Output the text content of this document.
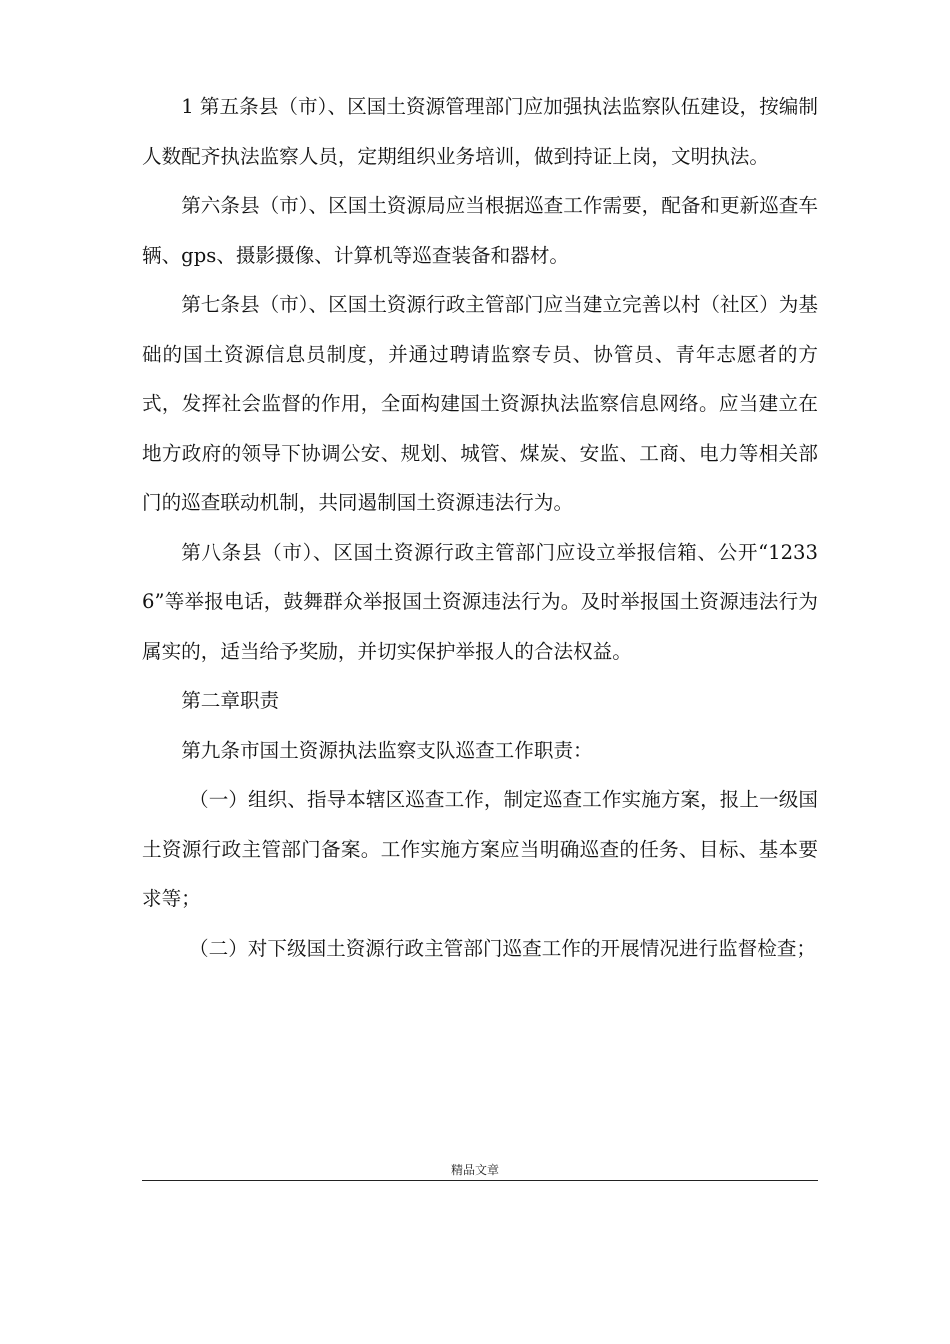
1 第五条县（市）、区国土资源管理部门应加强执法监察队伍建设，按编制人数配齐执法监察人员，定期组织业务培训，做到持证上岗，文明执法。

第六条县（市）、区国土资源局应当根据巡查工作需要，配备和更新巡查车辆、gps、摄影摄像、计算机等巡查装备和器材。

第七条县（市）、区国土资源行政主管部门应当建立完善以村（社区）为基础的国土资源信息员制度，并通过聘请监察专员、协管员、青年志愿者的方式，发挥社会监督的作用，全面构建国土资源执法监察信息网络。应当建立在地方政府的领导下协调公安、规划、城管、煤炭、安监、工商、电力等相关部门的巡查联动机制，共同遏制国土资源违法行为。

第八条县（市）、区国土资源行政主管部门应设立举报信箱、公开“12336”等举报电话，鼓舞群众举报国土资源违法行为。及时举报国土资源违法行为属实的，适当给予奖励，并切实保护举报人的合法权益。

第二章职责

第九条市国土资源执法监察支队巡查工作职责：

（一）组织、指导本辖区巡查工作，制定巡查工作实施方案，报上一级国土资源行政主管部门备案。工作实施方案应当明确巡查的任务、目标、基本要求等；

（二）对下级国土资源行政主管部门巡查工作的开展情况进行监督检查；

精品文章
